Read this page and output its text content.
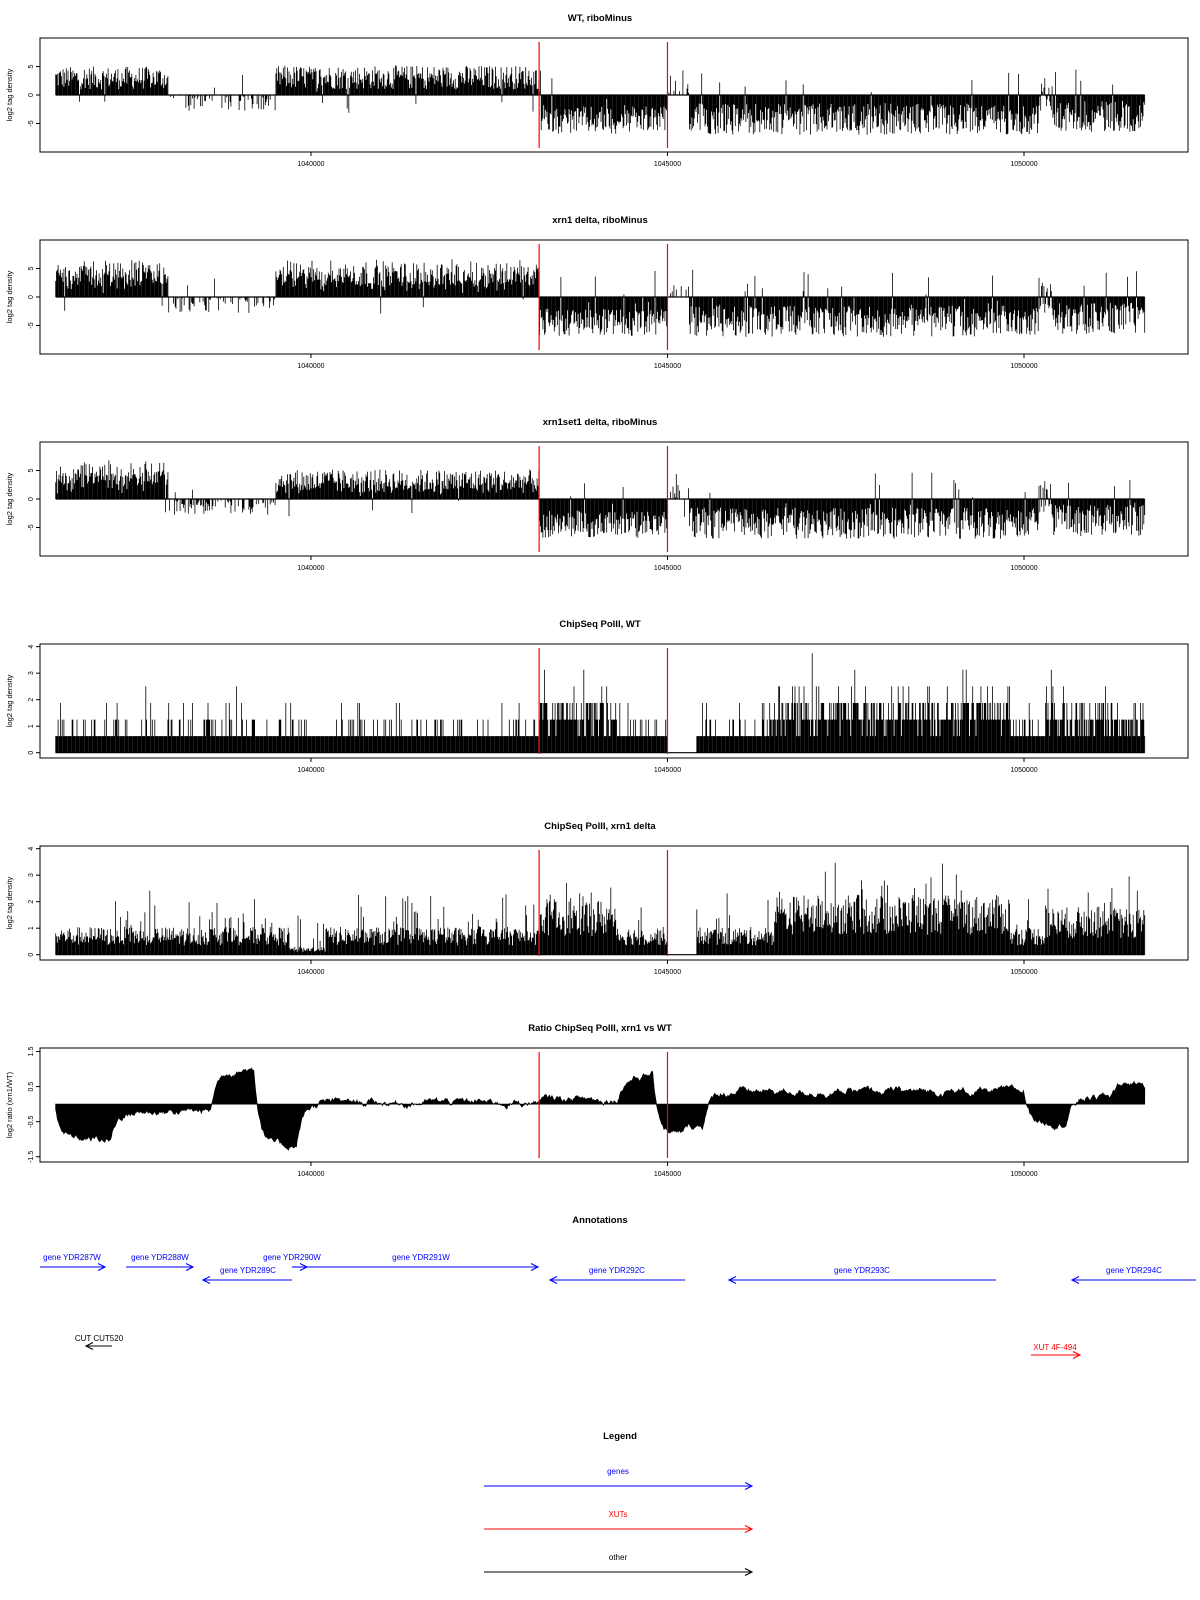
WT, riboMinus
-5
0
5
log2 tag density
1040000	1045000	1050000
xrn1 delta, riboMinus
-5
0
5
log2 tag density
1040000	1045000	1050000
xrn1set1 delta, riboMinus
-5
0
5
log2 tag density
1040000	1045000	1050000
ChipSeq PolII, WT
0
1
2
3
4
log2 tag density
1040000	1045000	1050000
ChipSeq PolII, xrn1 delta
0
1
2
3
4
log2 tag density
1040000	1045000	1050000
Ratio ChipSeq PolII, xrn1 vs WT
-1.5
-0.5
0.5
1.5
log2 ratio (xrn1/WT)
1040000	1045000	1050000
Annotations
gene YDR287W	gene YDR288W
gene YDR289C
gene YDR290W	gene YDR291W
gene YDR292C	gene YDR293C	gene YDR294C
CUT CUT520
XUT 4F-494
Legend
genes
XUTs
other
